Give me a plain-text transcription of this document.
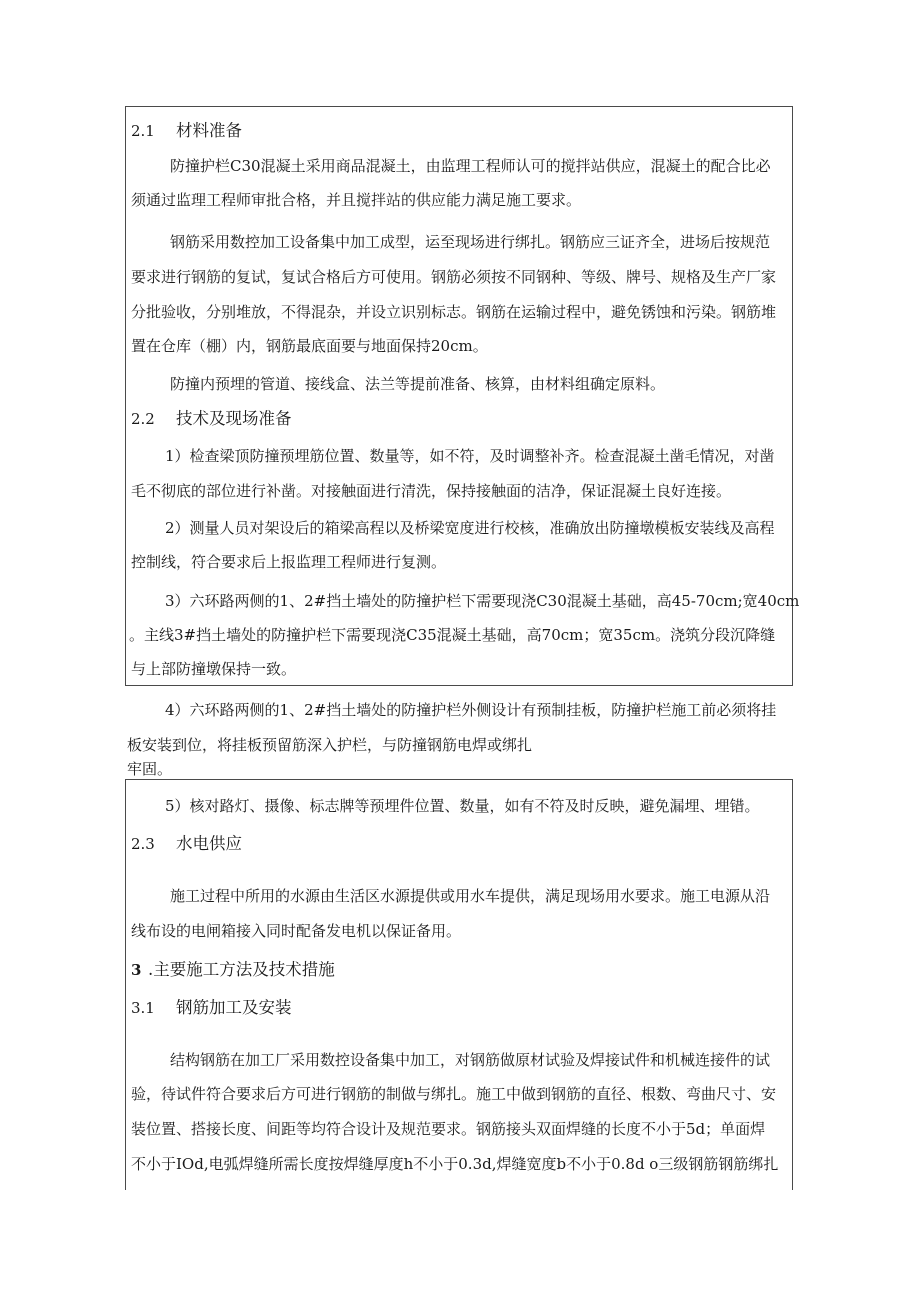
2.1 材料准备
防撞护栏C30混凝土采用商品混凝土，由监理工程师认可的搅拌站供应，混凝土的配合比必
须通过监理工程师审批合格，并且搅拌站的供应能力满足施工要求。
钢筋采用数控加工设备集中加工成型，运至现场进行绑扎。钢筋应三证齐全，进场后按规范
要求进行钢筋的复试，复试合格后方可使用。钢筋必须按不同钢种、等级、牌号、规格及生产厂家
分批验收，分别堆放，不得混杂，并设立识别标志。钢筋在运输过程中，避免锈蚀和污染。钢筋堆
置在仓库（棚）内，钢筋最底面要与地面保持20cm。
防撞内预埋的管道、接线盒、法兰等提前准备、核算，由材料组确定原料。
2.2 技术及现场准备
1）检查梁顶防撞预埋筋位置、数量等，如不符，及时调整补齐。检查混凝土凿毛情况，对凿
毛不彻底的部位进行补凿。对接触面进行清洗，保持接触面的洁净，保证混凝土良好连接。
2）测量人员对架设后的箱梁高程以及桥梁宽度进行校核，准确放出防撞墩模板安装线及高程
控制线，符合要求后上报监理工程师进行复测。
3）六环路两侧的1、2#挡土墙处的防撞护栏下需要现浇C30混凝土基础，高45-70cm;宽40cm
。主线3#挡土墙处的防撞护栏下需要现浇C35混凝土基础，高70cm；宽35cm。浇筑分段沉降缝
与上部防撞墩保持一致。
4）六环路两侧的1、2#挡土墙处的防撞护栏外侧设计有预制挂板，防撞护栏施工前必须将挂
板安装到位，将挂板预留筋深入护栏，与防撞钢筋电焊或绑扎
牢固。
5）核对路灯、摄像、标志牌等预埋件位置、数量，如有不符及时反映，避免漏埋、埋错。
2.3 水电供应
施工过程中所用的水源由生活区水源提供或用水车提供，满足现场用水要求。施工电源从沿
线布设的电闸箱接入同时配备发电机以保证备用。
3 .主要施工方法及技术措施
3.1 钢筋加工及安装
结构钢筋在加工厂采用数控设备集中加工，对钢筋做原材试验及焊接试件和机械连接件的试
验，待试件符合要求后方可进行钢筋的制做与绑扎。施工中做到钢筋的直径、根数、弯曲尺寸、安
装位置、搭接长度、间距等均符合设计及规范要求。钢筋接头双面焊缝的长度不小于5d；单面焊
不小于IOd,电弧焊缝所需长度按焊缝厚度h不小于0.3d,焊缝宽度b不小于0.8d o三级钢筋钢筋绑扎
